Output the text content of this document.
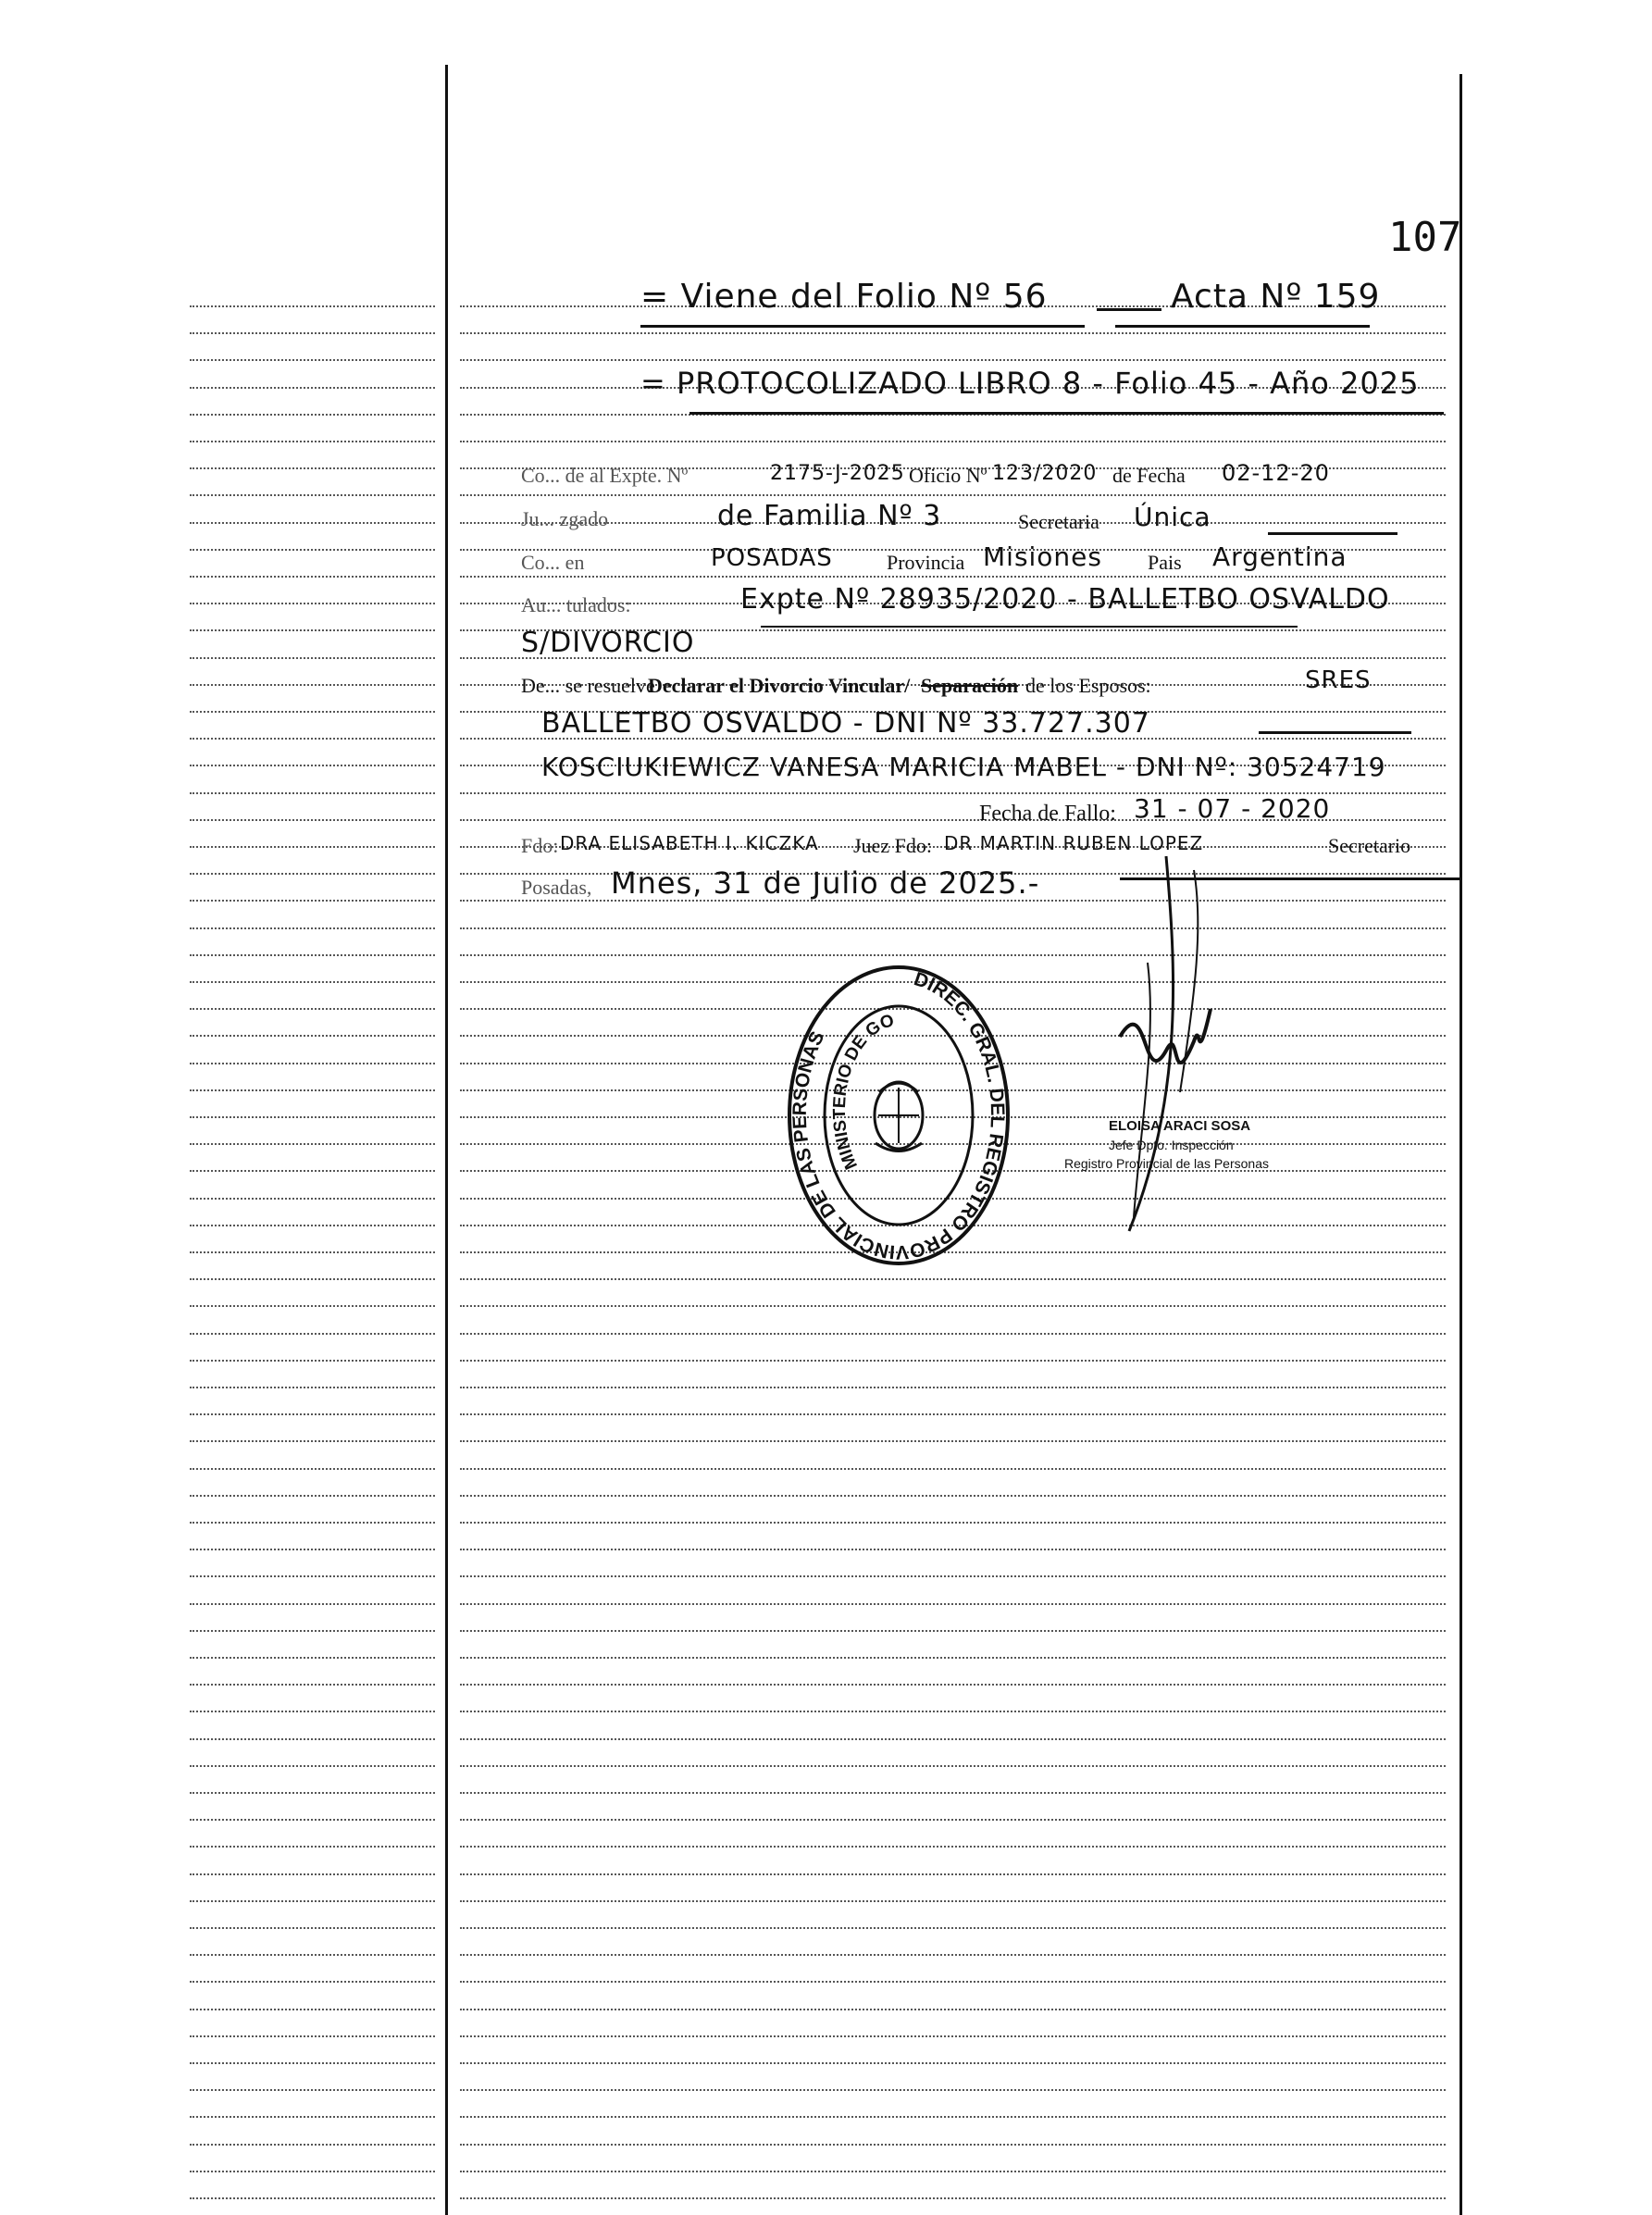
107
= Viene del Folio Nº 56	Acta Nº 159
= PROTOCOLIZADO LIBRO 8 - Folio 45 - Año 2025
Co... de al Expte. Nº	2175-J-2025 Oficio Nº 123/2020 de Fecha 02-12-20
Ju... zgado	de Familia Nº 3	Secretaria Única
Co... en	POSADAS	Provincia Misiones Pais Argentina
Au... tulados:	Expte Nº 28935/2020 - BALLETBO OSVALDO
S/DIVORCIO
De... se resuelve
Declarar el Divorcio Vincular/ Separación de los Esposos:	SRES
BALLETBO OSVALDO - DNI Nº 33.727.307
KOSCIUKIEWICZ VANESA MARICIA MABEL - DNI Nº: 30524719
Fecha de Fallo: 31 - 07 - 2020
Fdo: DRA ELISABETH I. KICZKA Juez Fdo: DR MARTIN RUBEN LOPEZ	Secretario
Posadas, Mnes, 31 de Julio de 2025.-
DIREC. GRAL. DEL REGISTRO PROVINCIAL DE LAS PERSONAS
MINISTERIO DE GO
ELOISA ARACI SOSA
Jefe Dpto. Inspección
Registro Provincial de las Personas
